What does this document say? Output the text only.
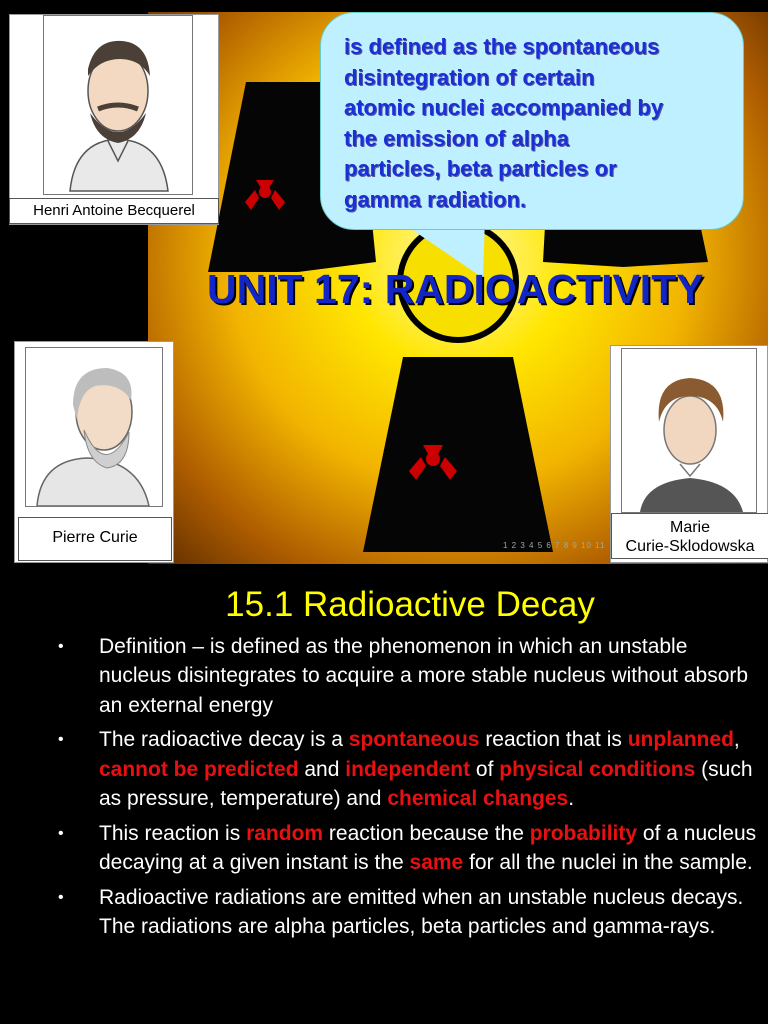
Henri Antoine Becquerel
Pierre Curie
Marie
Curie-Sklodowska
is defined as the spontaneous
disintegration of certain
atomic nuclei accompanied by
the emission of alpha
particles, beta particles or
gamma radiation.
UNIT 17: RADIOACTIVITY
1 2 3 4 5 6 7 8 9 10 11
15.1 Radioactive Decay
• Definition – is defined as the phenomenon in which an unstable nucleus disintegrates to acquire a more stable nucleus without absorb an external energy
• The radioactive decay is a spontaneous reaction that is unplanned, cannot be predicted and independent of physical conditions (such as pressure, temperature) and chemical changes.
• This reaction is random reaction because the probability of a nucleus decaying at a given instant is the same for all the nuclei in the sample.
• Radioactive radiations are emitted when an unstable nucleus decays. The radiations are alpha particles, beta particles and gamma-rays.
